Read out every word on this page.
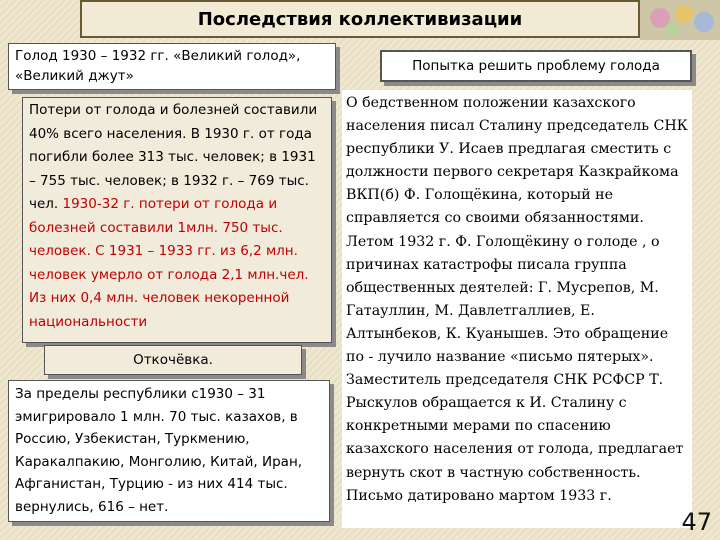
Последствия коллективизации
Голод 1930 – 1932 гг. «Великий голод», «Великий джут»
Потери от голода и болезней составили 40% всего населения. В 1930 г. от года погибли более 313 тыс. человек; в 1931 – 755 тыс. человек; в 1932 г. – 769 тыс. чел. 1930-32 г. потери от голода и болезней составили 1млн. 750 тыс. человек. С 1931 – 1933 гг. из 6,2 млн. человек умерло от голода 2,1 млн.чел. Из них 0,4 млн. человек некоренной национальности
Откочёвка.
За пределы республики с1930 – 31 эмигрировало 1 млн. 70 тыс. казахов, в Россию, Узбекистан, Туркмению, Каракалпакию, Монголию, Китай, Иран, Афганистан, Турцию - из них 414 тыс. вернулись, 616 – нет.
Попытка решить проблему голода
О бедственном положении казахского населения писал Сталину председатель СНК республики У. Исаев предлагая сместить с должности первого секретаря Казкрайкома ВКП(б) Ф. Голощёкина, который не справляется со своими обязанностями. Летом 1932 г. Ф. Голощёкину о голоде , о причинах катастрофы писала группа общественных деятелей: Г. Мусрепов, М. Гатауллин, М. Давлетгаллиев, Е. Алтынбеков, К. Куанышев. Это обращение по - лучило название «письмо пятерых». Заместитель председателя СНК РСФСР Т. Рыскулов обращается к И. Сталину с конкретными мерами по спасению казахского населения от голода, предлагает вернуть скот в частную собственность. Письмо датировано мартом 1933 г.
47
